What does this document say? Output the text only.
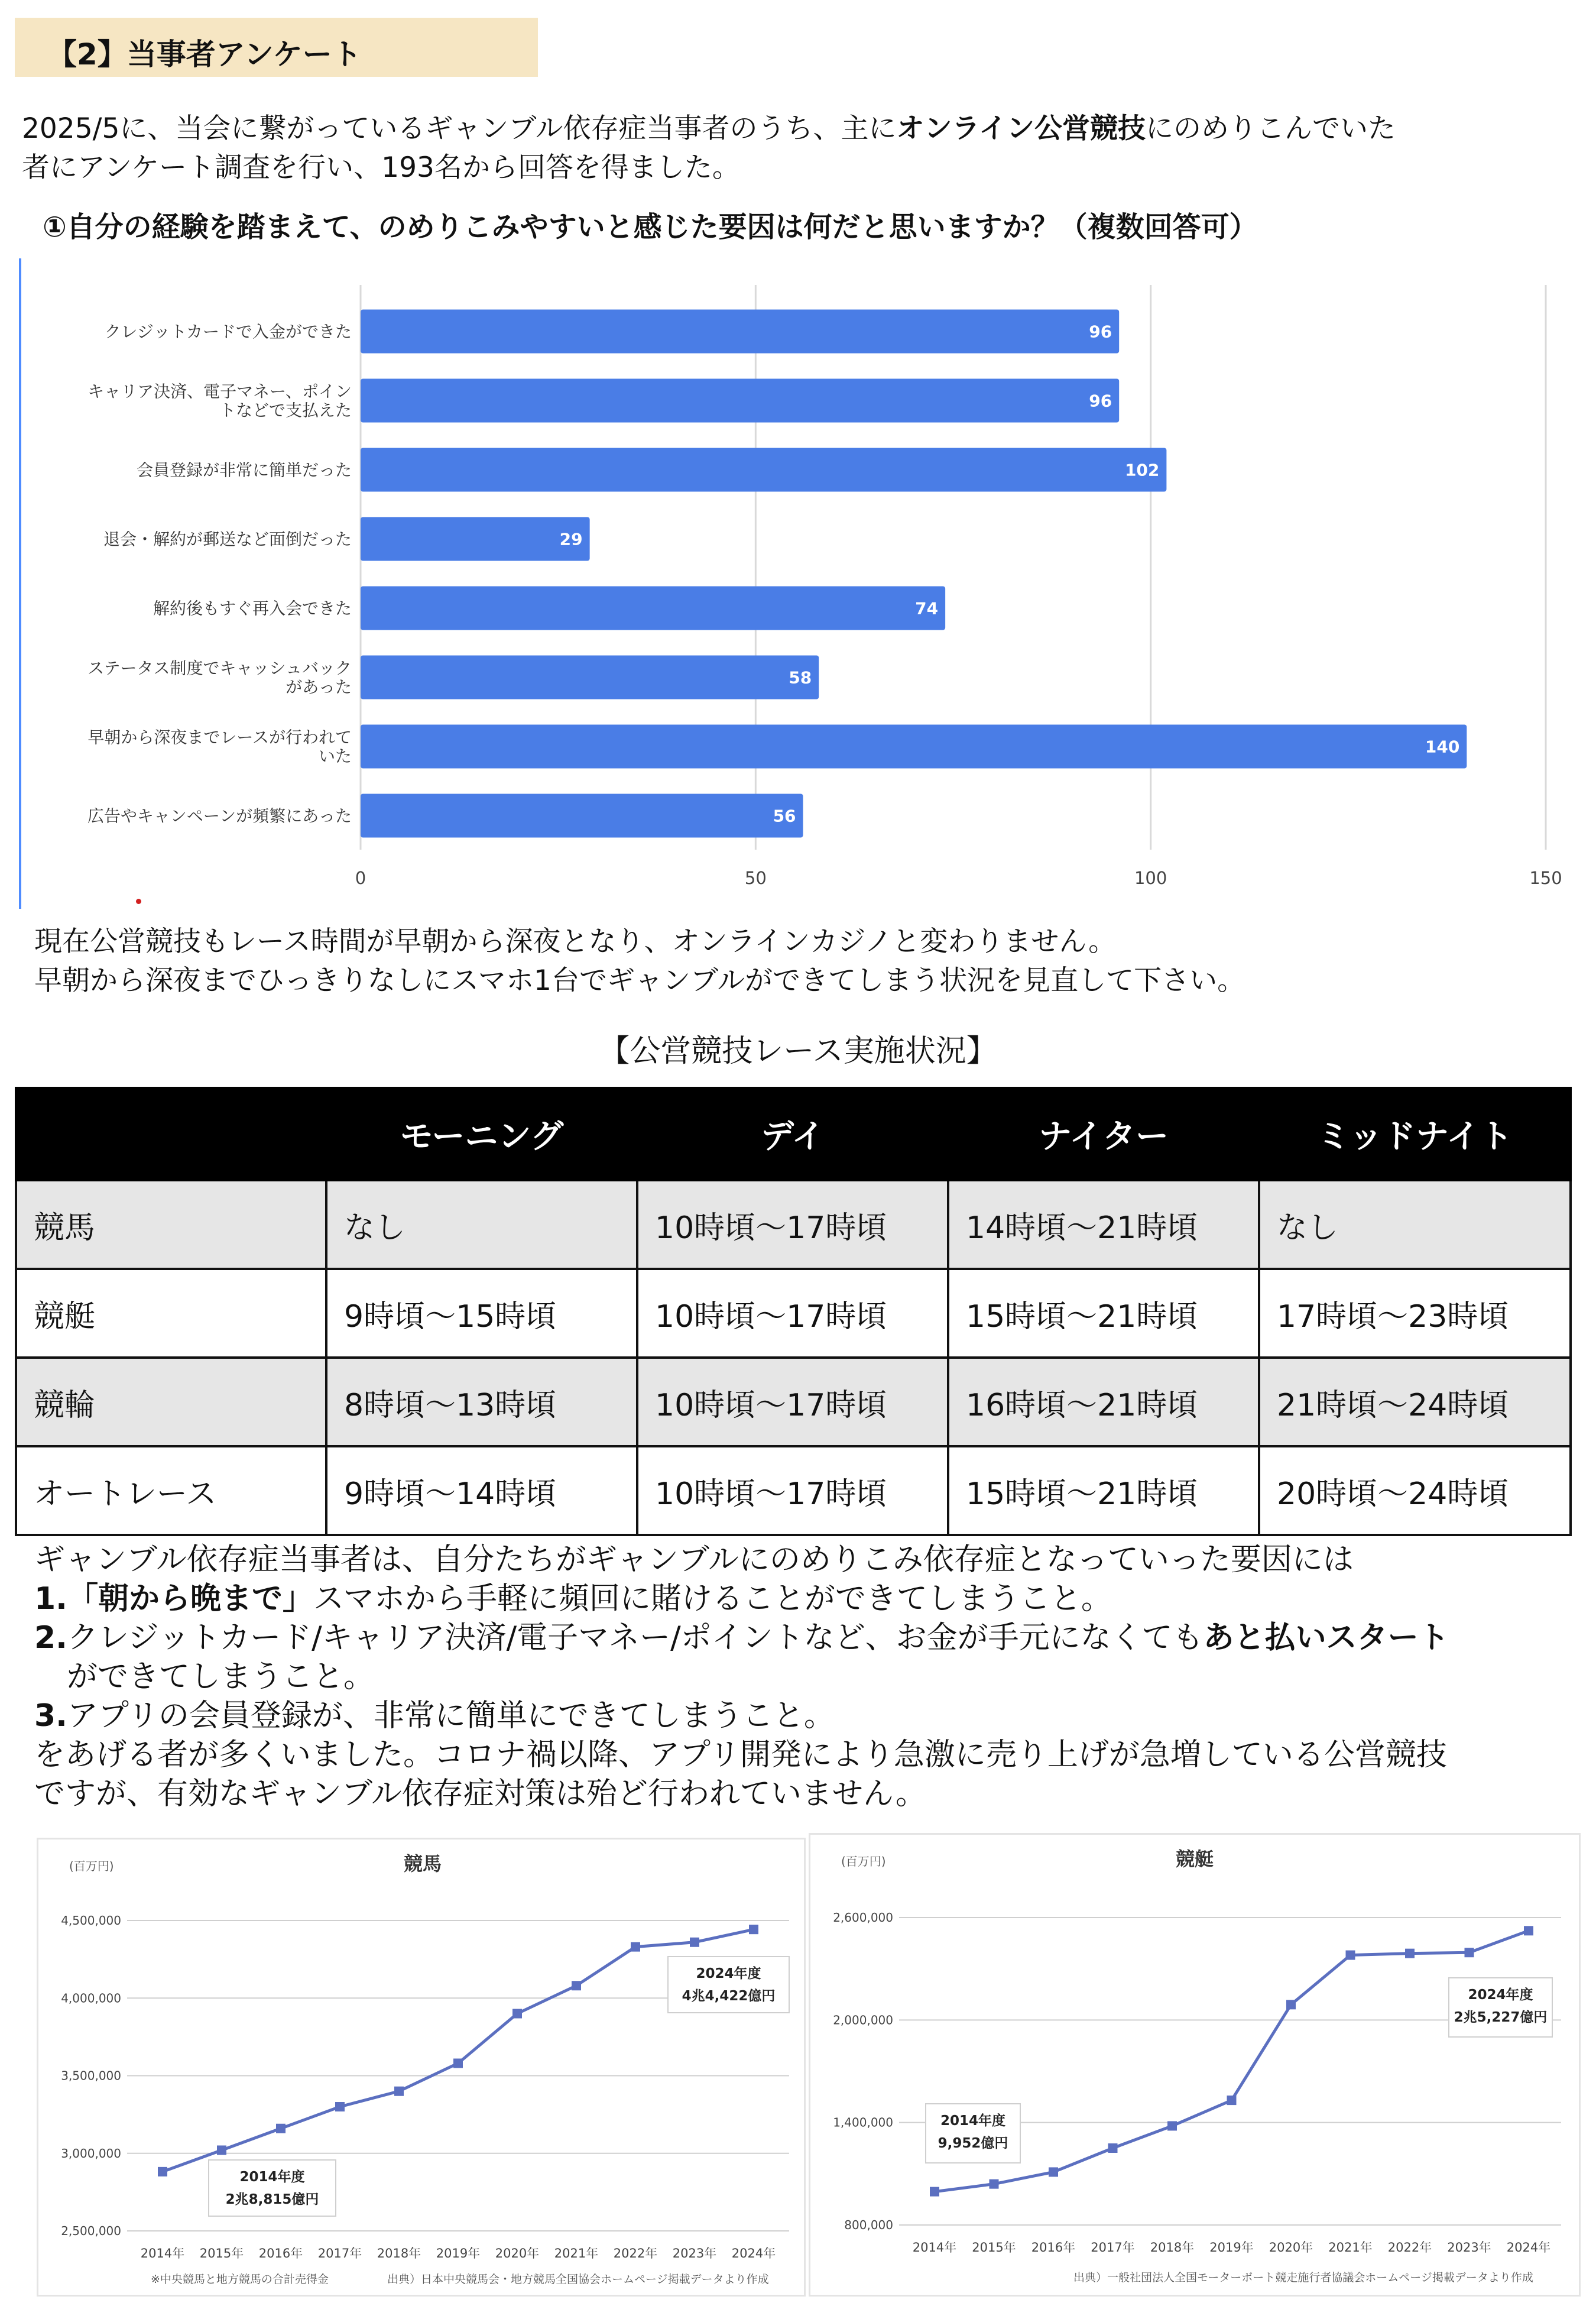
【2】当事者アンケート
2025/5に、当会に繋がっているギャンブル依存症当事者のうち、主にオンライン公営競技にのめりこんでいた
者にアンケート調査を行い、193名から回答を得ました。
①自分の経験を踏まえて、のめりこみやすいと感じた要因は何だと思いますか？（複数回答可）
0	50	100	150
96
クレジットカードで入金ができた
96
キャリア決済、電子マネー、ポイン
トなどで支払えた
102
会員登録が非常に簡単だった
29
退会・解約が郵送など面倒だった
74
解約後もすぐ再入会できた
58
ステータス制度でキャッシュバック
があった
140
早朝から深夜までレースが行われて
いた
56
広告やキャンペーンが頻繁にあった
現在公営競技もレース時間が早朝から深夜となり、オンラインカジノと変わりません。
早朝から深夜までひっきりなしにスマホ1台でギャンブルができてしまう状況を見直して下さい。
【公営競技レース実施状況】
	モーニング	デイ	ナイター	ミッドナイト
競馬	なし	10時頃〜17時頃	14時頃〜21時頃	なし
競艇	9時頃〜15時頃	10時頃〜17時頃	15時頃〜21時頃	17時頃〜23時頃
競輪	8時頃〜13時頃	10時頃〜17時頃	16時頃〜21時頃	21時頃〜24時頃
オートレース	9時頃〜14時頃	10時頃〜17時頃	15時頃〜21時頃	20時頃〜24時頃
ギャンブル依存症当事者は、自分たちがギャンブルにのめりこみ依存症となっていった要因には
1.「朝から晩まで」スマホから手軽に頻回に賭けることができてしまうこと。
2.クレジットカード/キャリア決済/電子マネー/ポイントなど、お金が手元になくてもあと払いスタート
ができてしまうこと。
3.アプリの会員登録が、非常に簡単にできてしまうこと。
をあげる者が多くいました。コロナ禍以降、アプリ開発により急激に売り上げが急増している公営競技
ですが、有効なギャンブル依存症対策は殆ど行われていません。
競馬
(百万円)
2,500,000
3,000,000
3,500,000
4,000,000
4,500,000
2014年 2015年 2016年 2017年 2018年 2019年 2020年 2021年 2022年 2023年 2024年
2014年度
2兆8,815億円
2024年度
4兆4,422億円
※中央競馬と地方競馬の合計売得金	出典）日本中央競馬会・地方競馬全国協会ホームページ掲載データより作成
競艇
(百万円)
800,000
1,400,000
2,000,000
2,600,000
2014年 2015年 2016年 2017年 2018年 2019年 2020年 2021年 2022年 2023年 2024年
2014年度
9,952億円
2024年度
2兆5,227億円
出典）一般社団法人全国モーターボート競走施行者協議会ホームページ掲載データより作成
